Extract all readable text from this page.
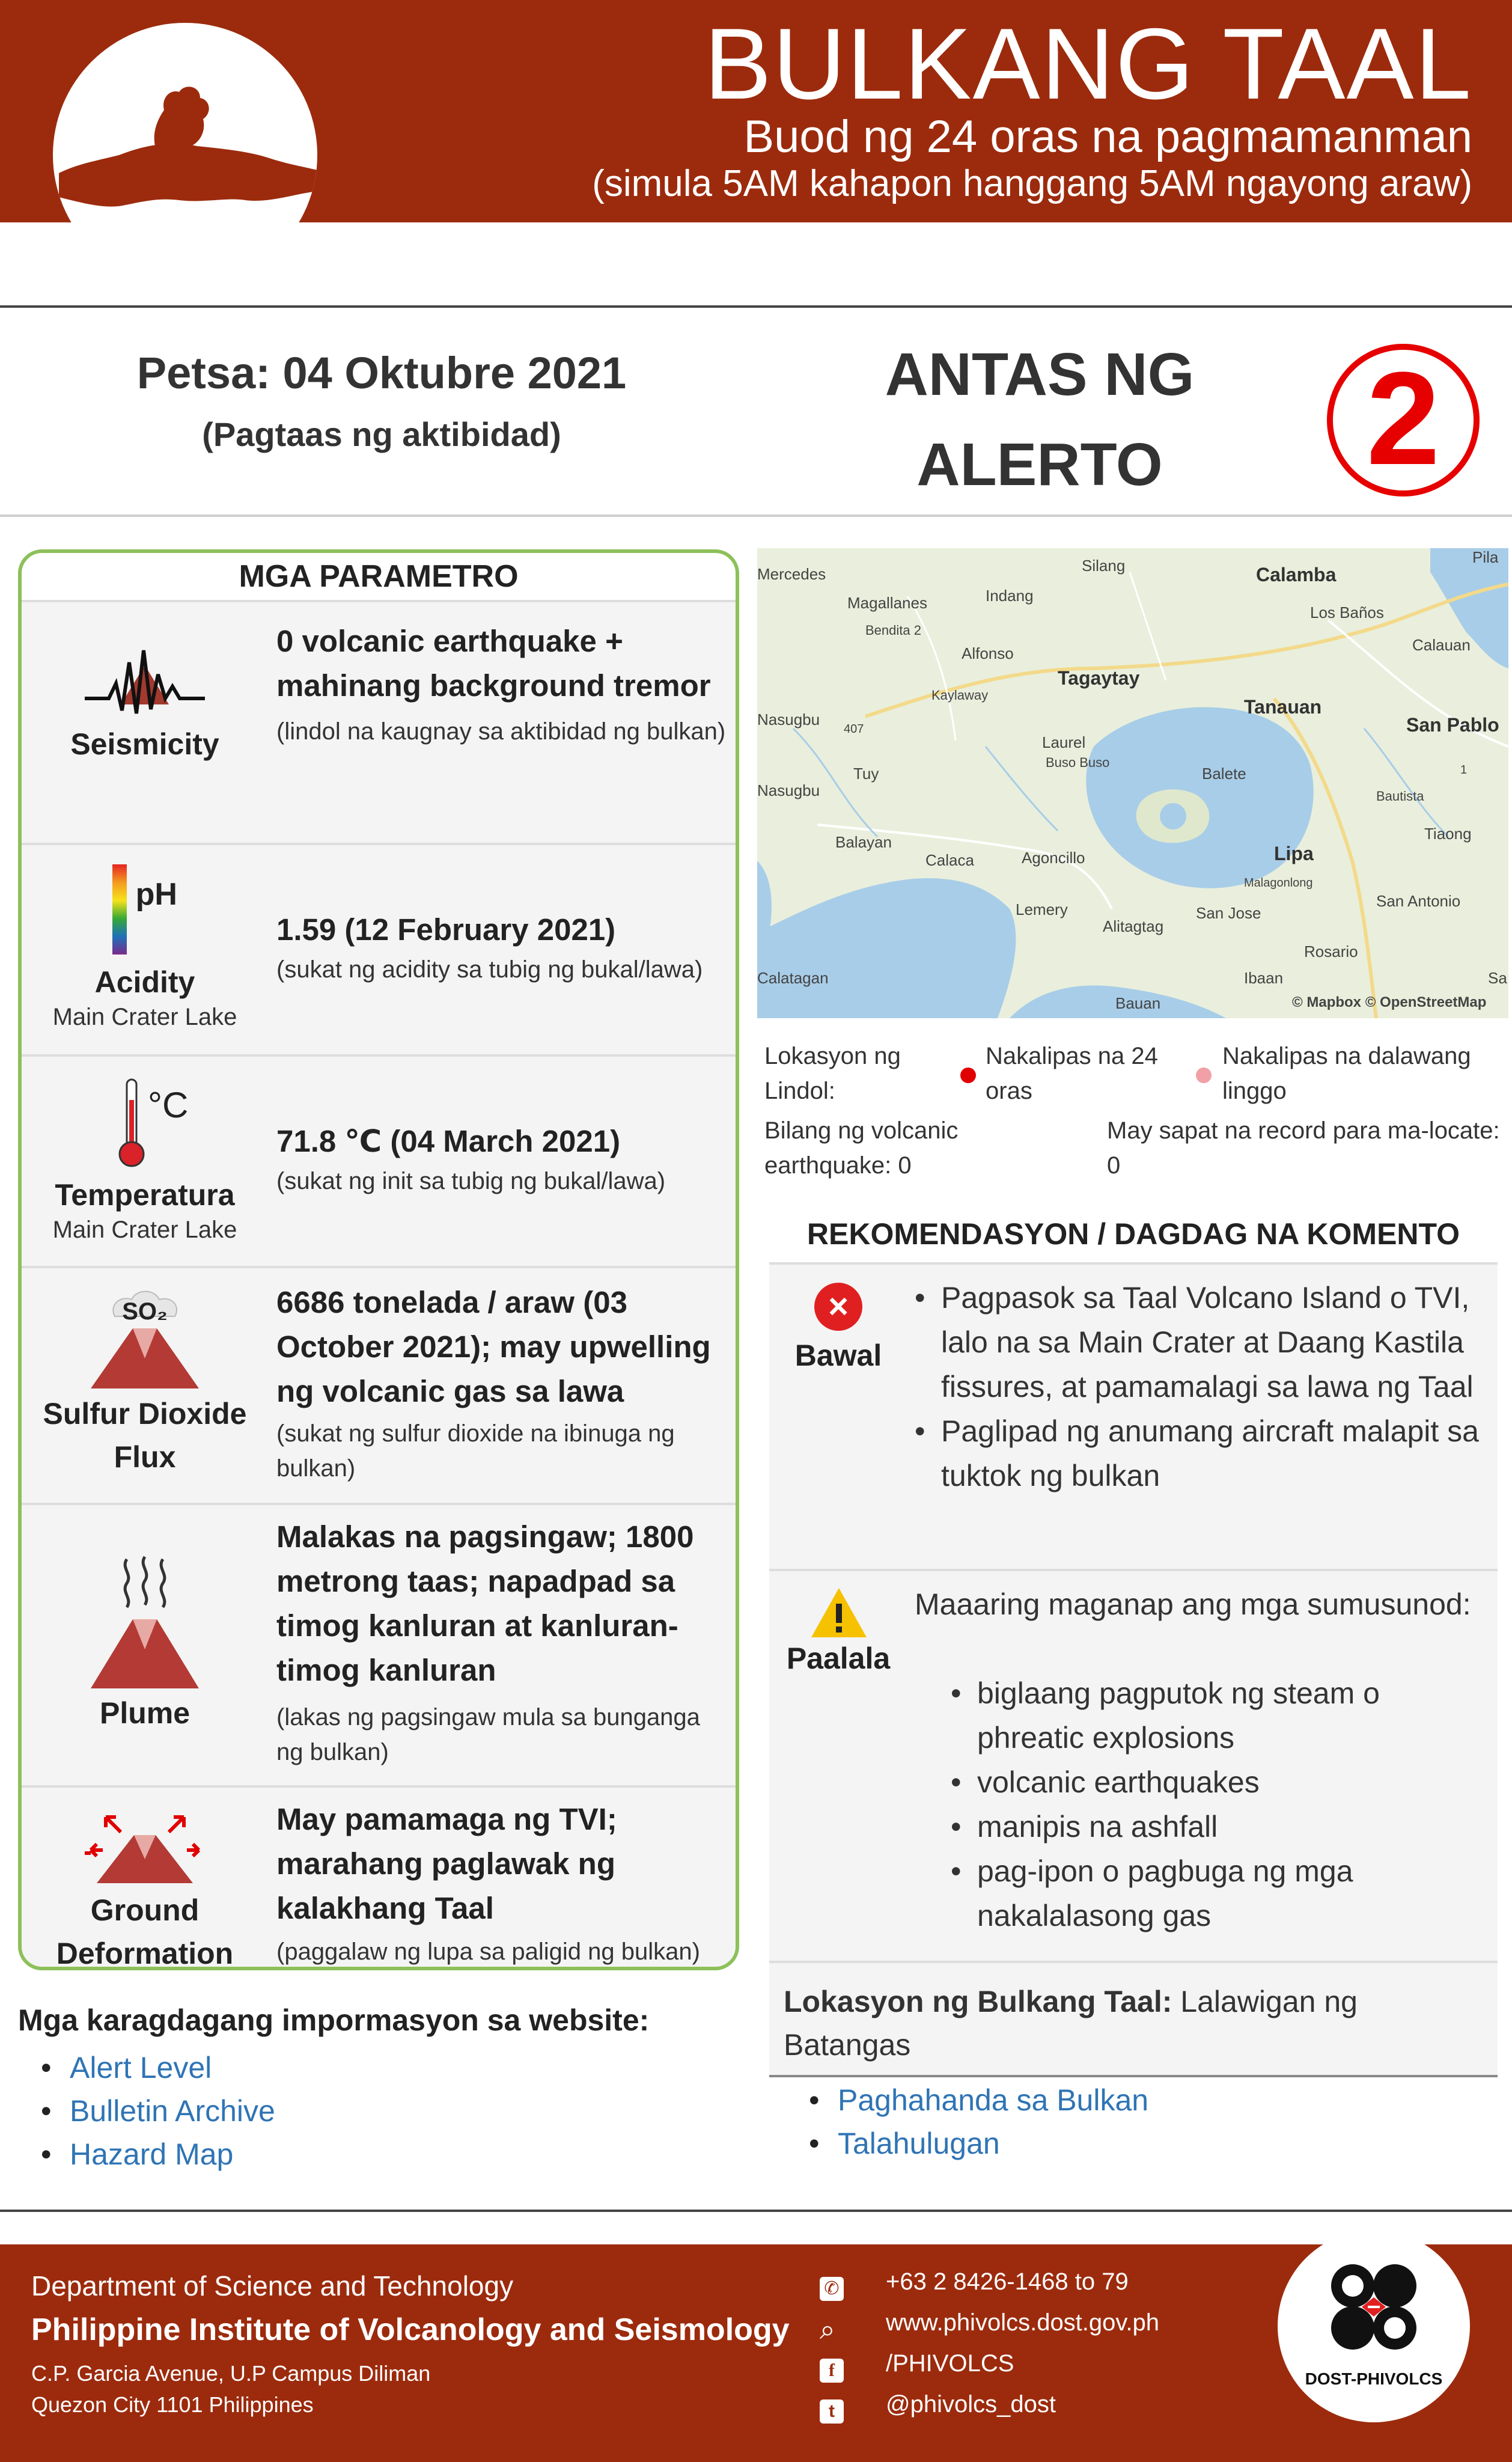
BULKANG TAAL
Buod ng 24 oras na pagmamanman
(simula 5AM kahapon hanggang 5AM ngayong araw)
Petsa: 04 Oktubre 2021
(Pagtaas ng aktibidad)
ANTAS NG
ALERTO	2
MGA PARAMETRO
Seismicity
0 volcanic earthquake + mahinang background tremor
(lindol na kaugnay sa aktibidad ng bulkan)
pH
Acidity
Main Crater Lake
1.59 (12 February 2021)
(sukat ng acidity sa tubig ng bukal/lawa)
°C
Temperatura
Main Crater Lake
71.8 ℃ (04 March 2021)
(sukat ng init sa tubig ng bukal/lawa)
SO₂
Sulfur Dioxide
Flux
6686 tonelada / araw (03 October 2021); may upwelling ng volcanic gas sa lawa
(sukat ng sulfur dioxide na ibinuga ng bulkan)
Plume
Malakas na pagsingaw; 1800 metrong taas; napadpad sa timog kanluran at kanluran-timog kanluran
(lakas ng pagsingaw mula sa bunganga ng bulkan)
Ground
Deformation
May pamamaga ng TVI; marahang paglawak ng kalakhang Taal
(paggalaw ng lupa sa paligid ng bulkan)
Mga karagdagang impormasyon sa website:
• Alert Level
• Bulletin Archive
• Hazard Map
Mercedes	Silang	Calamba
Pila
Magallanes	Indang
Los Baños
Bendita 2
Alfonso	Calauan
Kaylaway
Tagaytay
Tanauan
Nasugbu
407	San Pablo
Laurel
Buso Buso
Tuy	Balete	1
Nasugbu	Bautista
Tiaong
Balayan
Calaca	Agoncillo	Lipa
Malagonlong
San Antonio
Lemery	San Jose
Calatagan
Alitagtag
Rosario
Ibaan
Bauan
Sa
© Mapbox © OpenStreetMap
Lokasyon ng Lindol:
Nakalipas na 24 oras
Nakalipas na dalawang linggo
Bilang ng volcanic earthquake: 0
May sapat na record para ma-locate: 0
REKOMENDASYON / DAGDAG NA KOMENTO
×
Bawal
• Pagpasok sa Taal Volcano Island o TVI, lalo na sa Main Crater at Daang Kastila fissures, at pamamalagi sa lawa ng Taal
• Paglipad ng anumang aircraft malapit sa tuktok ng bulkan
Paalala
Maaaring maganap ang mga sumusunod:
• biglaang pagputok ng steam o phreatic explosions
• volcanic earthquakes
• manipis na ashfall
• pag-ipon o pagbuga ng mga nakalalasong gas
Lokasyon ng Bulkang Taal: Lalawigan ng Batangas
• Paghahanda sa Bulkan
• Talahulugan
Department of Science and Technology
Philippine Institute of Volcanology and Seismology
C.P. Garcia Avenue, U.P Campus Diliman
Quezon City 1101 Philippines
✆ +63 2 8426-1468 to 79
⌕ www.phivolcs.dost.gov.ph
f	/PHIVOLCS
t	@phivolcs_dost
DOST-PHIVOLCS
